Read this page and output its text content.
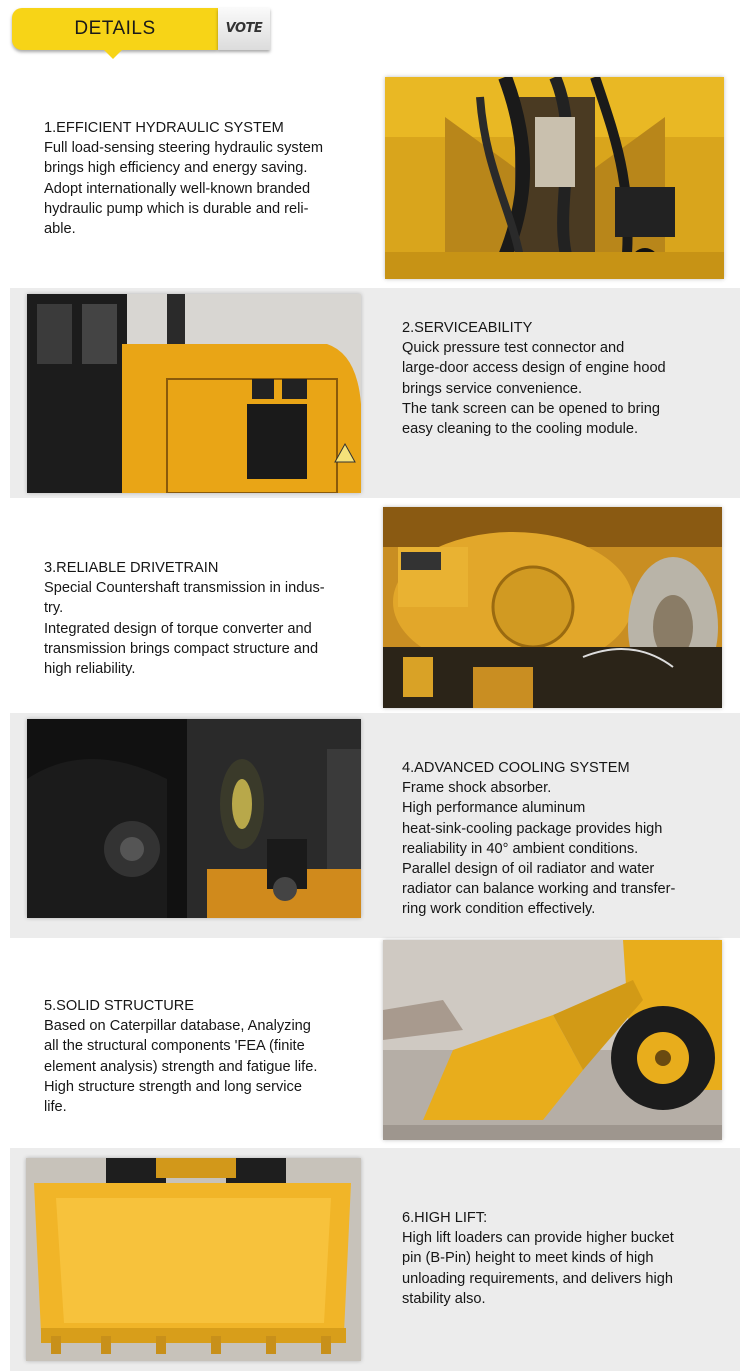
DETAILS	VOTE

1.EFFICIENT HYDRAULIC SYSTEM

Full load-sensing steering hydraulic system

brings high efficiency and energy saving.

Adopt internationally well-known branded

hydraulic pump which is durable and reli-

able.

2.SERVICEABILITY

Quick pressure test connector and

large-door access design of engine hood

brings service convenience.

The tank screen can be opened to bring

easy cleaning to the cooling module.

3.RELIABLE DRIVETRAIN

Special Countershaft transmission in indus-

try.

Integrated design of torque converter and

transmission brings compact structure and

high reliability.

4.ADVANCED COOLING SYSTEM

Frame shock absorber.

High performance aluminum

heat-sink-cooling package provides high

realiability in 40° ambient conditions.

Parallel design of oil radiator and water

radiator can balance working and transfer-

ring work condition effectively.

5.SOLID STRUCTURE

Based on Caterpillar database, Analyzing

all the structural components 'FEA (finite

element analysis) strength and fatigue life.

High structure strength and long service

life.

6.HIGH LIFT:

High lift loaders can provide higher bucket

pin (B-Pin) height to meet kinds of high

unloading requirements, and delivers high

stability also.
